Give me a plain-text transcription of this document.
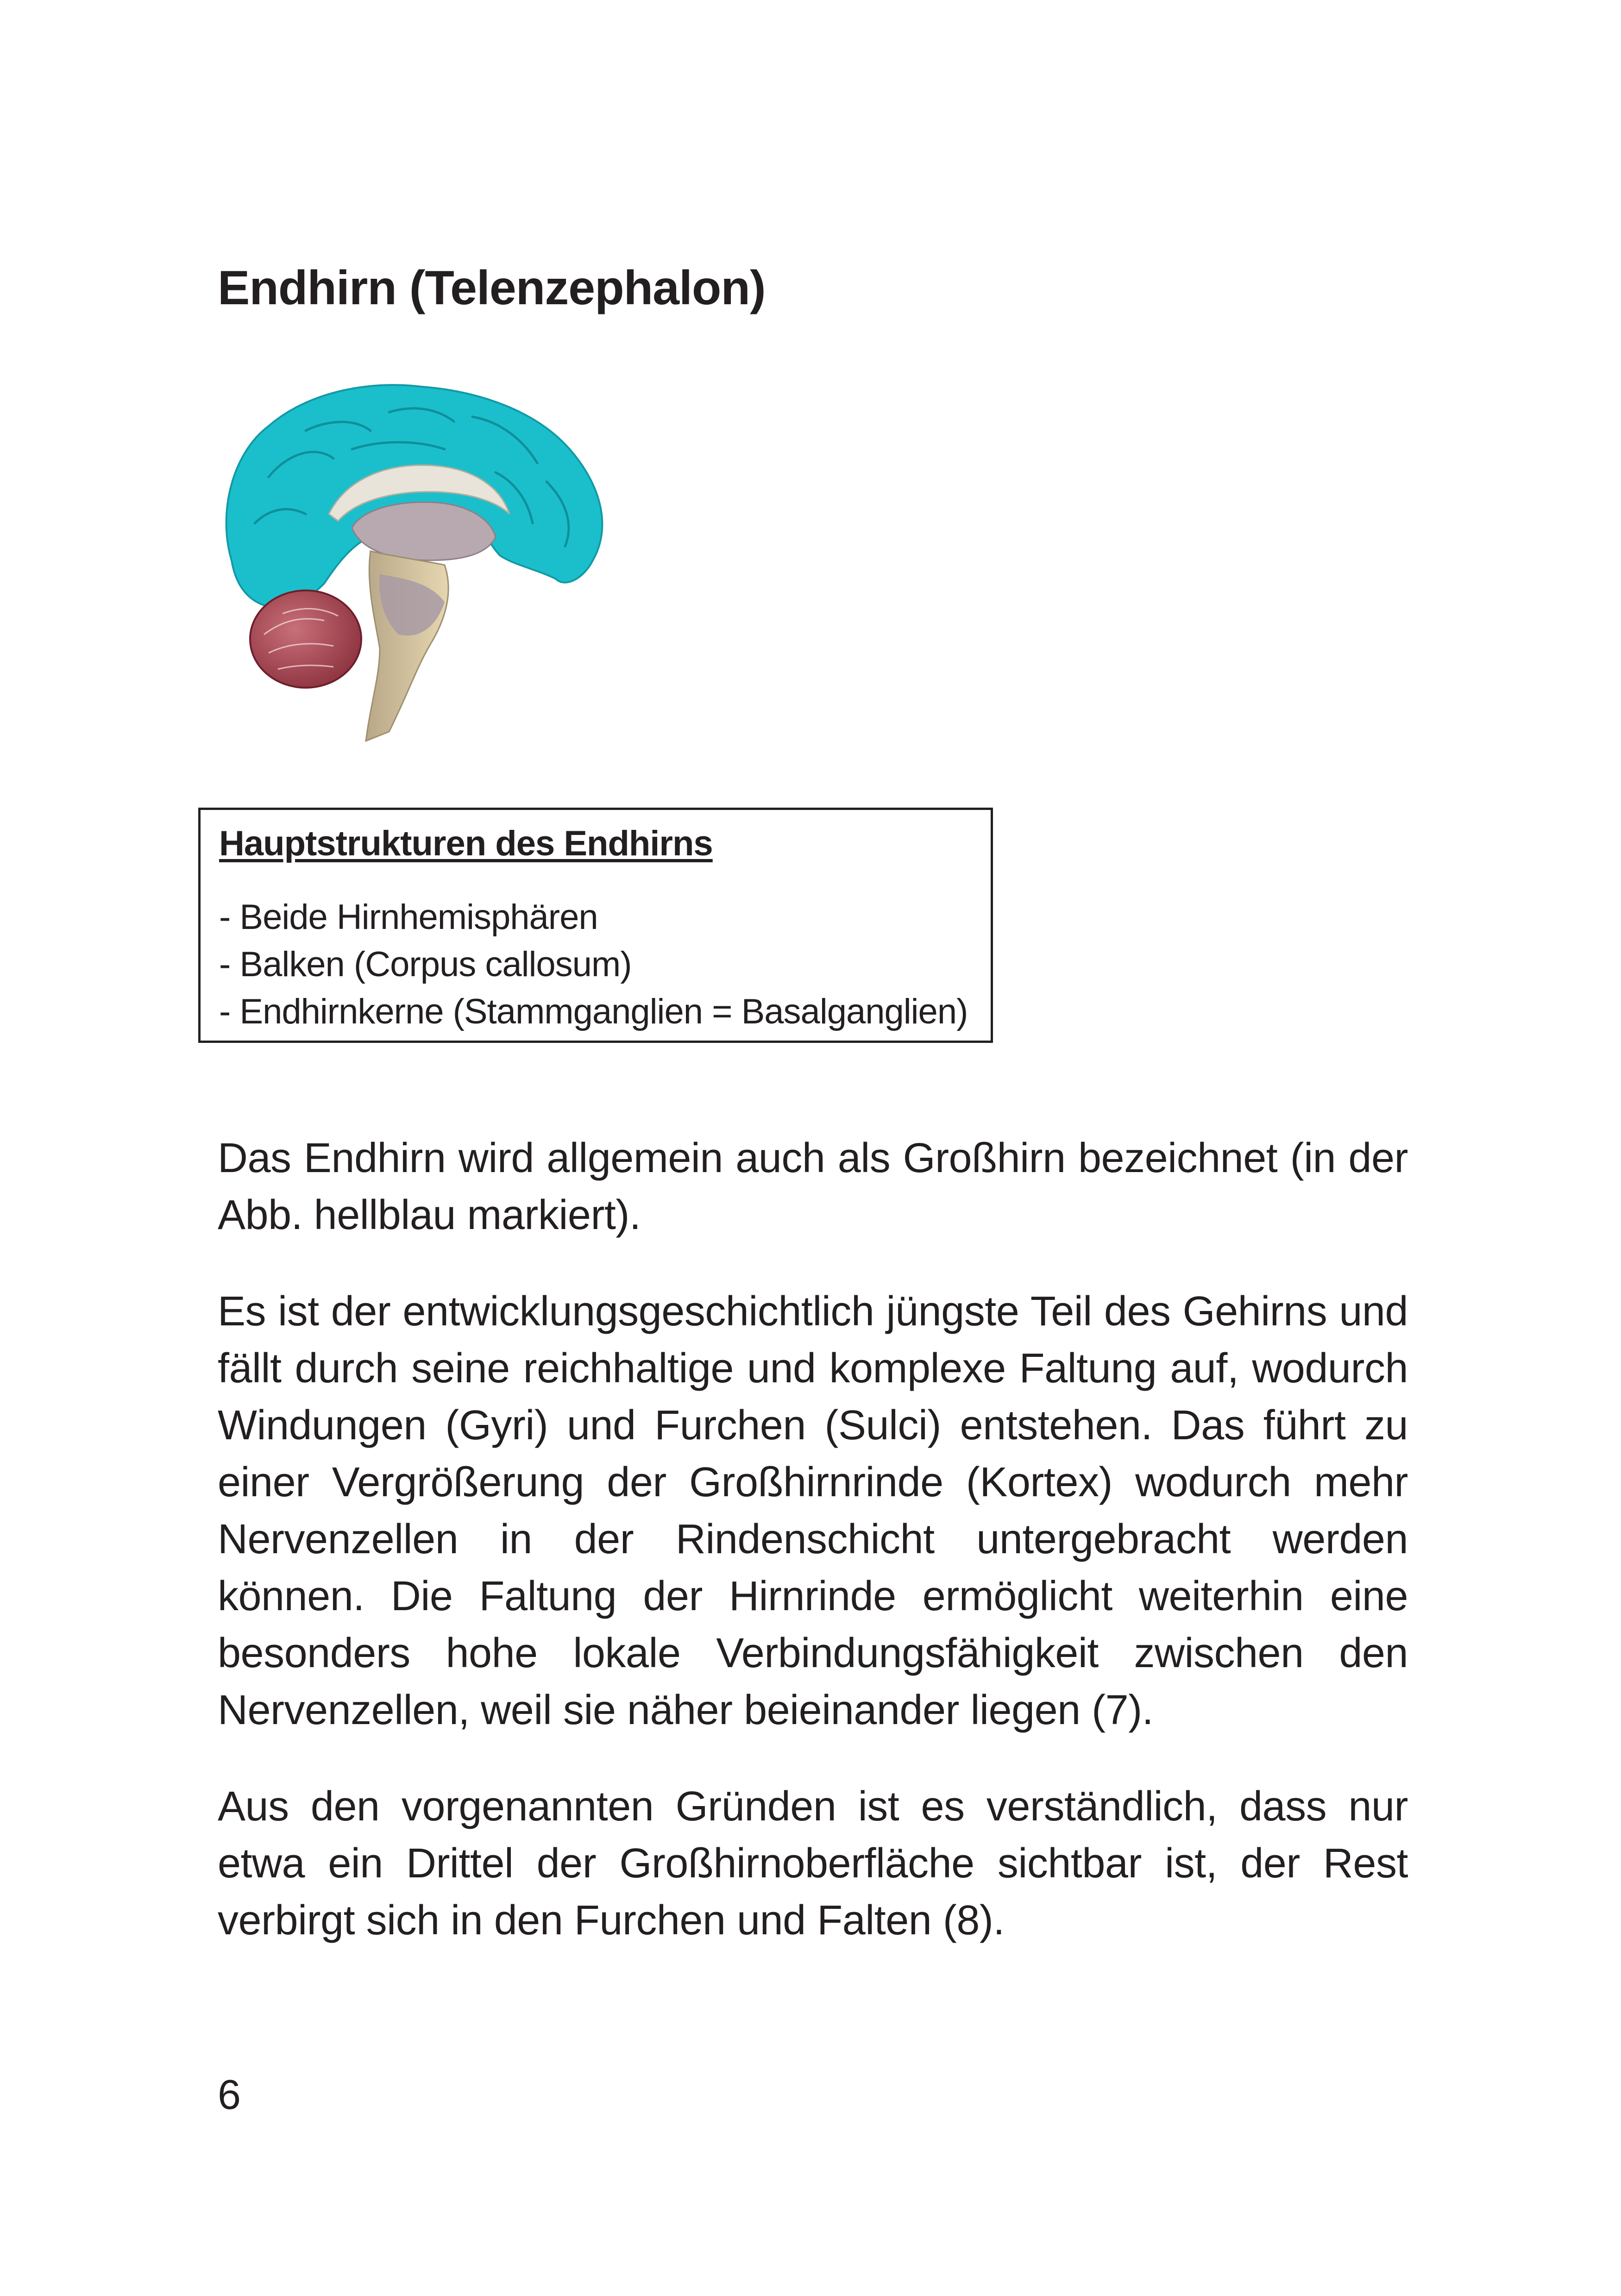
Endhirn (Telenzephalon)
Hauptstrukturen des Endhirns
- Beide Hirnhemisphären
- Balken (Corpus callosum)
- Endhirnkerne (Stammganglien = Basalganglien)

Das Endhirn wird allgemein auch als Großhirn bezeichnet (in der Abb. hellblau markiert).

Es ist der entwicklungsgeschichtlich jüngste Teil des Gehirns und fällt durch seine reichhaltige und komplexe Faltung auf, wodurch Windungen (Gyri) und Furchen (Sulci) entstehen. Das führt zu einer Vergrößerung der Großhirnrinde (Kortex) wodurch mehr Nervenzellen in der Rindenschicht untergebracht werden können. Die Faltung der Hirnrinde ermöglicht weiterhin eine besonders hohe lokale Verbindungsfähigkeit zwischen den Nervenzellen, weil sie näher beieinander liegen (7).

Aus den vorgenannten Gründen ist es verständlich, dass nur etwa ein Drittel der Großhirnoberfläche sichtbar ist, der Rest verbirgt sich in den Furchen und Falten (8).

6
